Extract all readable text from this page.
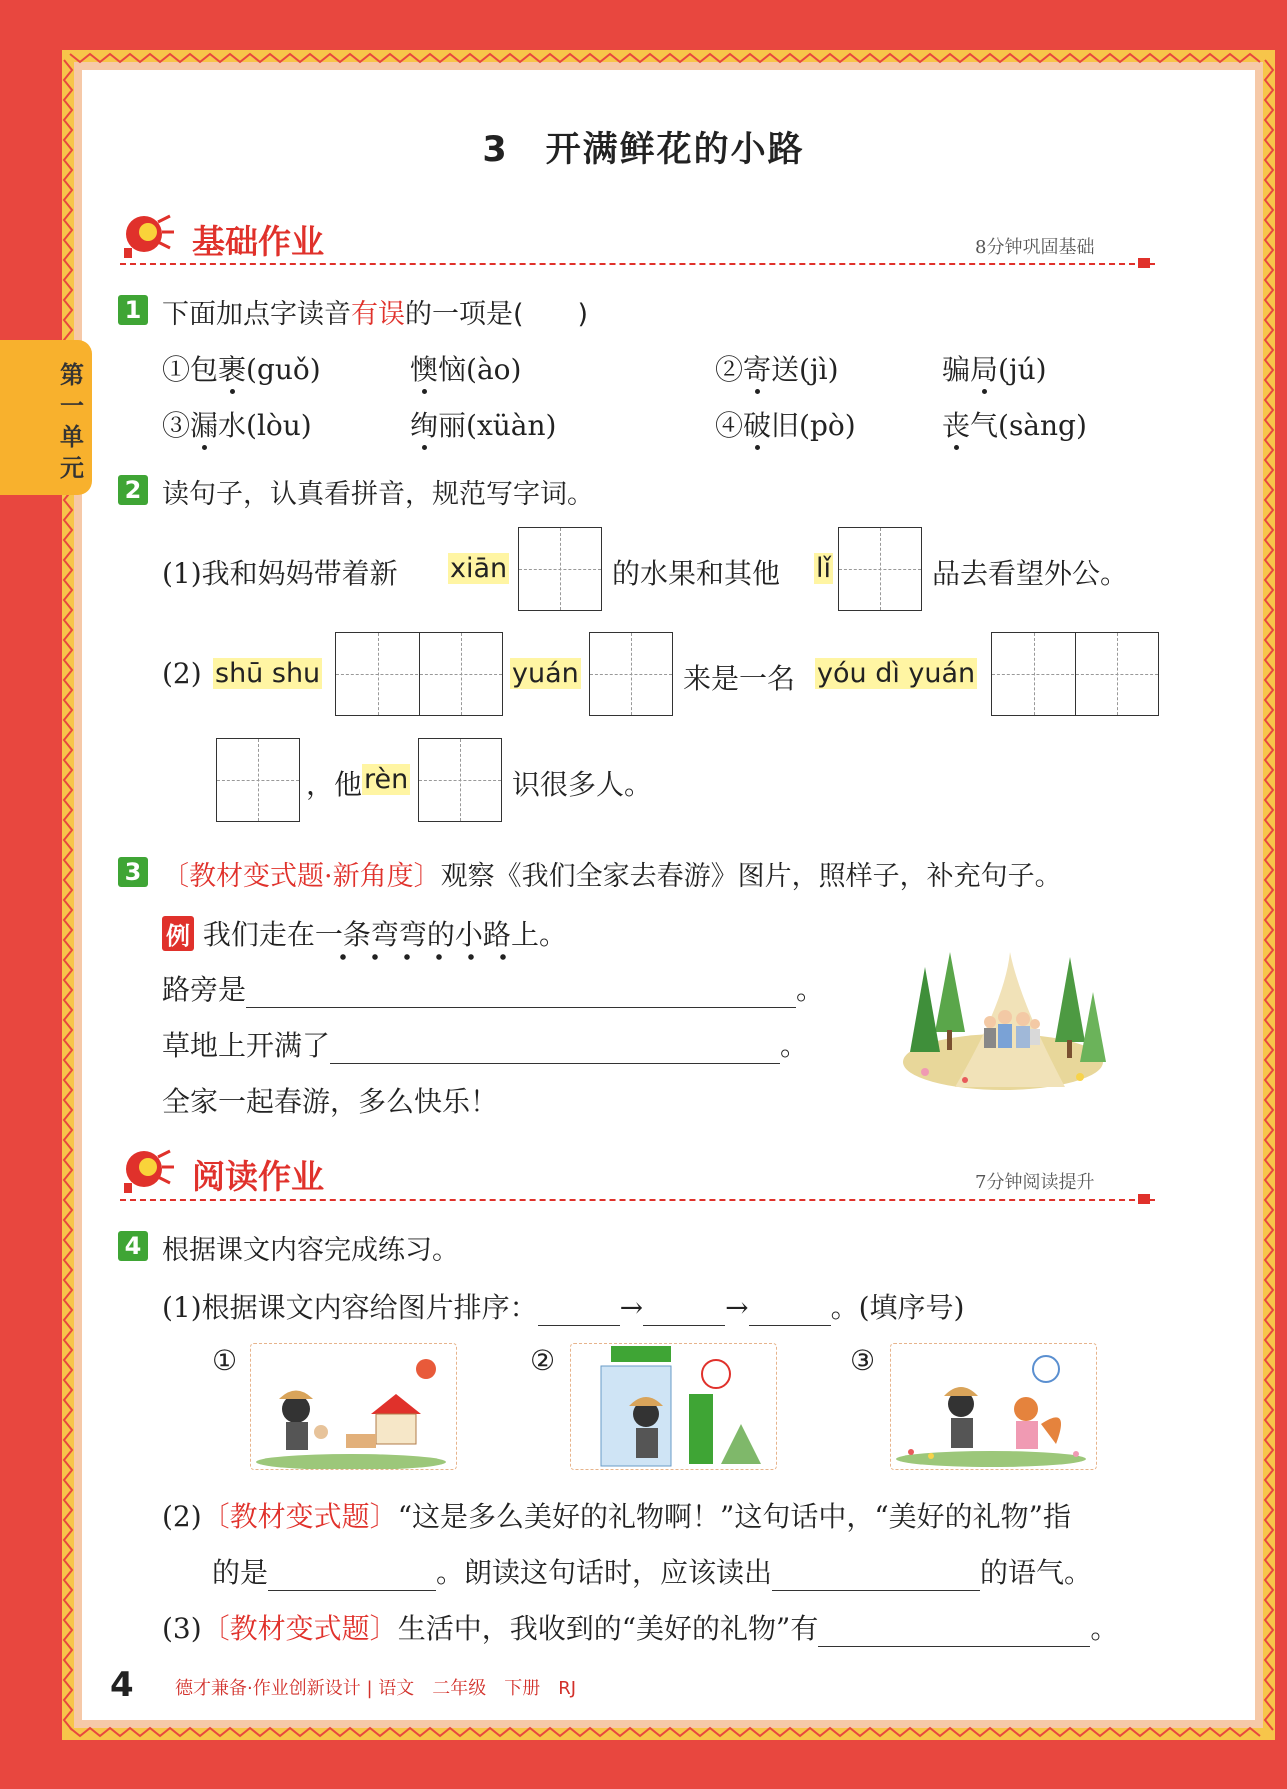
第一单元
3　开满鲜花的小路
基础作业	8分钟巩固基础
1 下面加点字读音有误的一项是(　　)
①包裹(guǒ)	懊恼(ào)	②寄送(jì)	骗局(jú)
③漏水(lòu)	绚丽(xüàn)	④破旧(pò)	丧气(sàng)
2 读句子，认真看拼音，规范写字词。
(1)我和妈妈带着新 xiān	的水果和其他 lǐ	品去看望外公。
(2) shū shu	yuán	来是一名 yóu dì yuán
，他 rèn	识很多人。
3 〔教材变式题·新角度〕观察《我们全家去春游》图片，照样子，补充句子。
例 我们走在一条弯弯的小路上。
路旁是	。
草地上开满了	。
全家一起春游，多么快乐！
阅读作业	7分钟阅读提升
4 根据课文内容完成练习。
(1)根据课文内容给图片排序：	→	→	。(填序号)
①	②	③
(2)〔教材变式题〕“这是多么美好的礼物啊！”这句话中，“美好的礼物”指
的是	。朗读这句话时，应该读出	的语气。
(3)〔教材变式题〕生活中，我收到的“美好的礼物”有	。
4 德才兼备·作业创新设计 | 语文　二年级　下册　RJ
